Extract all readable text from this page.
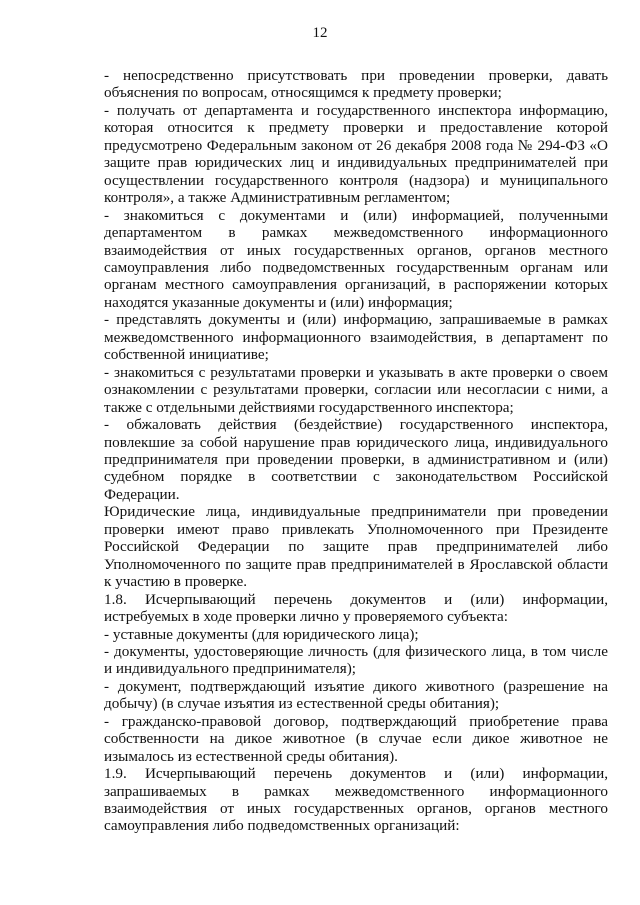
12

- непосредственно присутствовать при проведении проверки, давать объяснения по вопросам, относящимся к предмету проверки;

- получать от департамента и государственного инспектора информацию, которая относится к предмету проверки и предоставление которой предусмотрено Федеральным законом от 26 декабря 2008 года № 294-ФЗ «О защите прав юридических лиц и индивидуальных предпринимателей при осуществлении государственного контроля (надзора) и муниципального контроля», а также Административным регламентом;

- знакомиться с документами и (или) информацией, полученными департаментом в рамках межведомственного информационного взаимодействия от иных государственных органов, органов местного самоуправления либо подведомственных государственным органам или органам местного самоуправления организаций, в распоряжении которых находятся указанные документы и (или) информация;

- представлять документы и (или) информацию, запрашиваемые в рамках межведомственного информационного взаимодействия, в департамент по собственной инициативе;

- знакомиться с результатами проверки и указывать в акте проверки о своем ознакомлении с результатами проверки, согласии или несогласии с ними, а также с отдельными действиями государственного инспектора;

- обжаловать действия (бездействие) государственного инспектора, повлекшие за собой нарушение прав юридического лица, индивидуального предпринимателя при проведении проверки, в административном и (или) судебном порядке в соответствии с законодательством Российской Федерации.

Юридические лица, индивидуальные предприниматели при проведении проверки имеют право привлекать Уполномоченного при Президенте Российской Федерации по защите прав предпринимателей либо Уполномоченного по защите прав предпринимателей в Ярославской области к участию в проверке.

1.8. Исчерпывающий перечень документов и (или) информации, истребуемых в ходе проверки лично у проверяемого субъекта:

- уставные документы (для юридического лица);

- документы, удостоверяющие личность (для физического лица, в том числе и индивидуального предпринимателя);

- документ, подтверждающий изъятие дикого животного (разрешение на добычу) (в случае изъятия из естественной среды обитания);

- гражданско-правовой договор, подтверждающий приобретение права собственности на дикое животное (в случае если дикое животное не изымалось из естественной среды обитания).

1.9. Исчерпывающий перечень документов и (или) информации, запрашиваемых в рамках межведомственного информационного взаимодействия от иных государственных органов, органов местного самоуправления либо подведомственных организаций:
